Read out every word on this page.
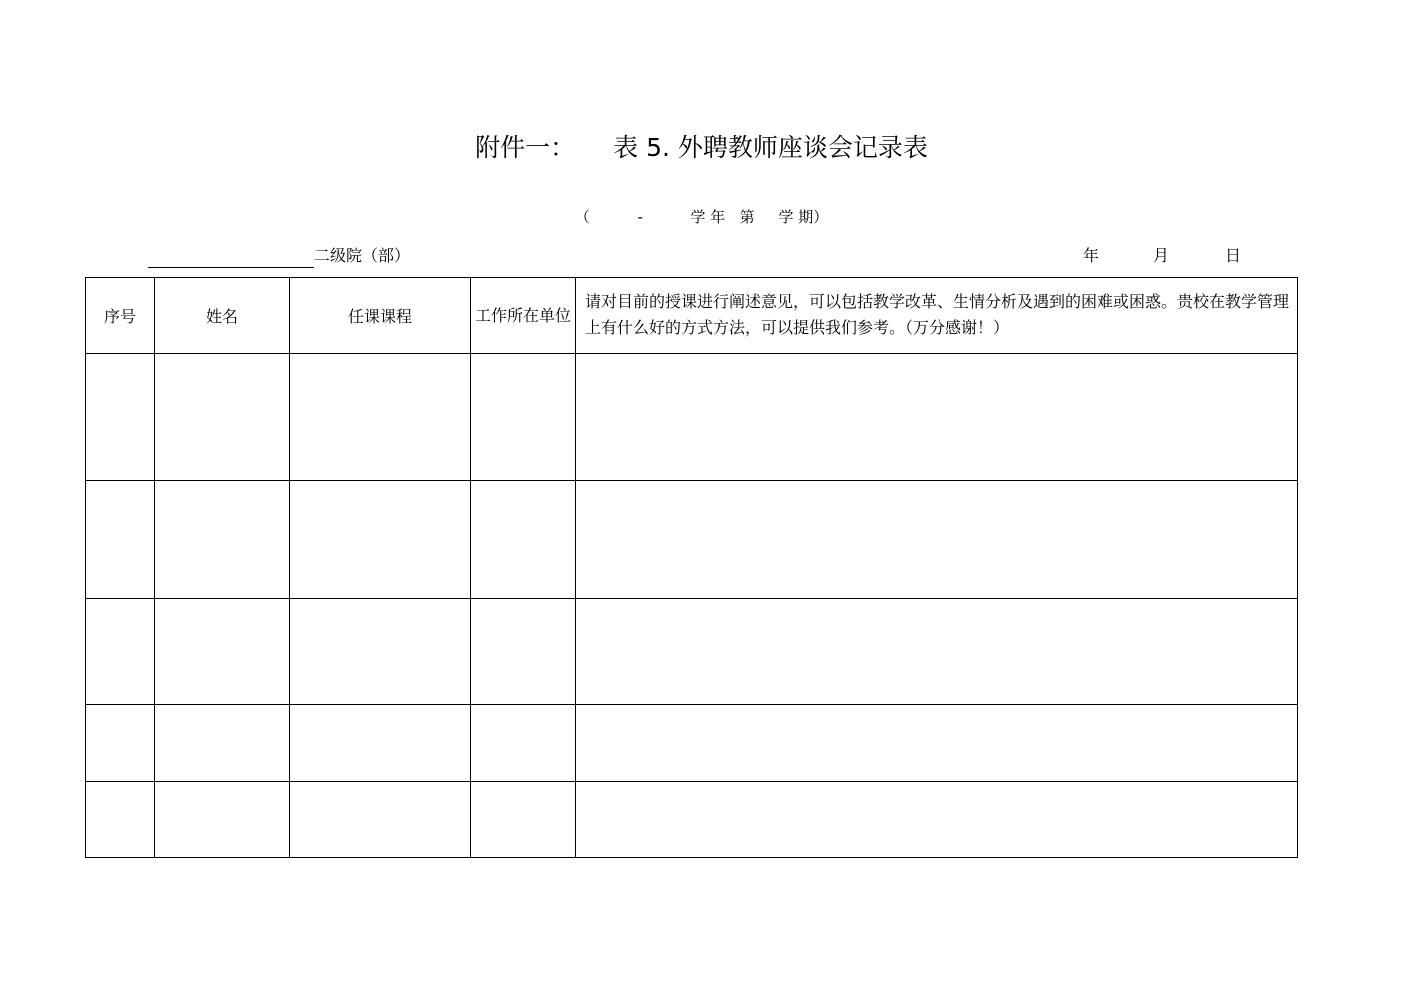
附件一： 表 5. 外聘教师座谈会记录表
（          -          学 年   第     学 期）
二级院（部）	年	月	日
序号	姓名	任课课程	工作所在单位	请对目前的授课进行阐述意见，可以包括教学改革、生情分析及遇到的困难或困惑。贵校在教学管理上有什么好的方式方法，可以提供我们参考。（万分感谢！）
